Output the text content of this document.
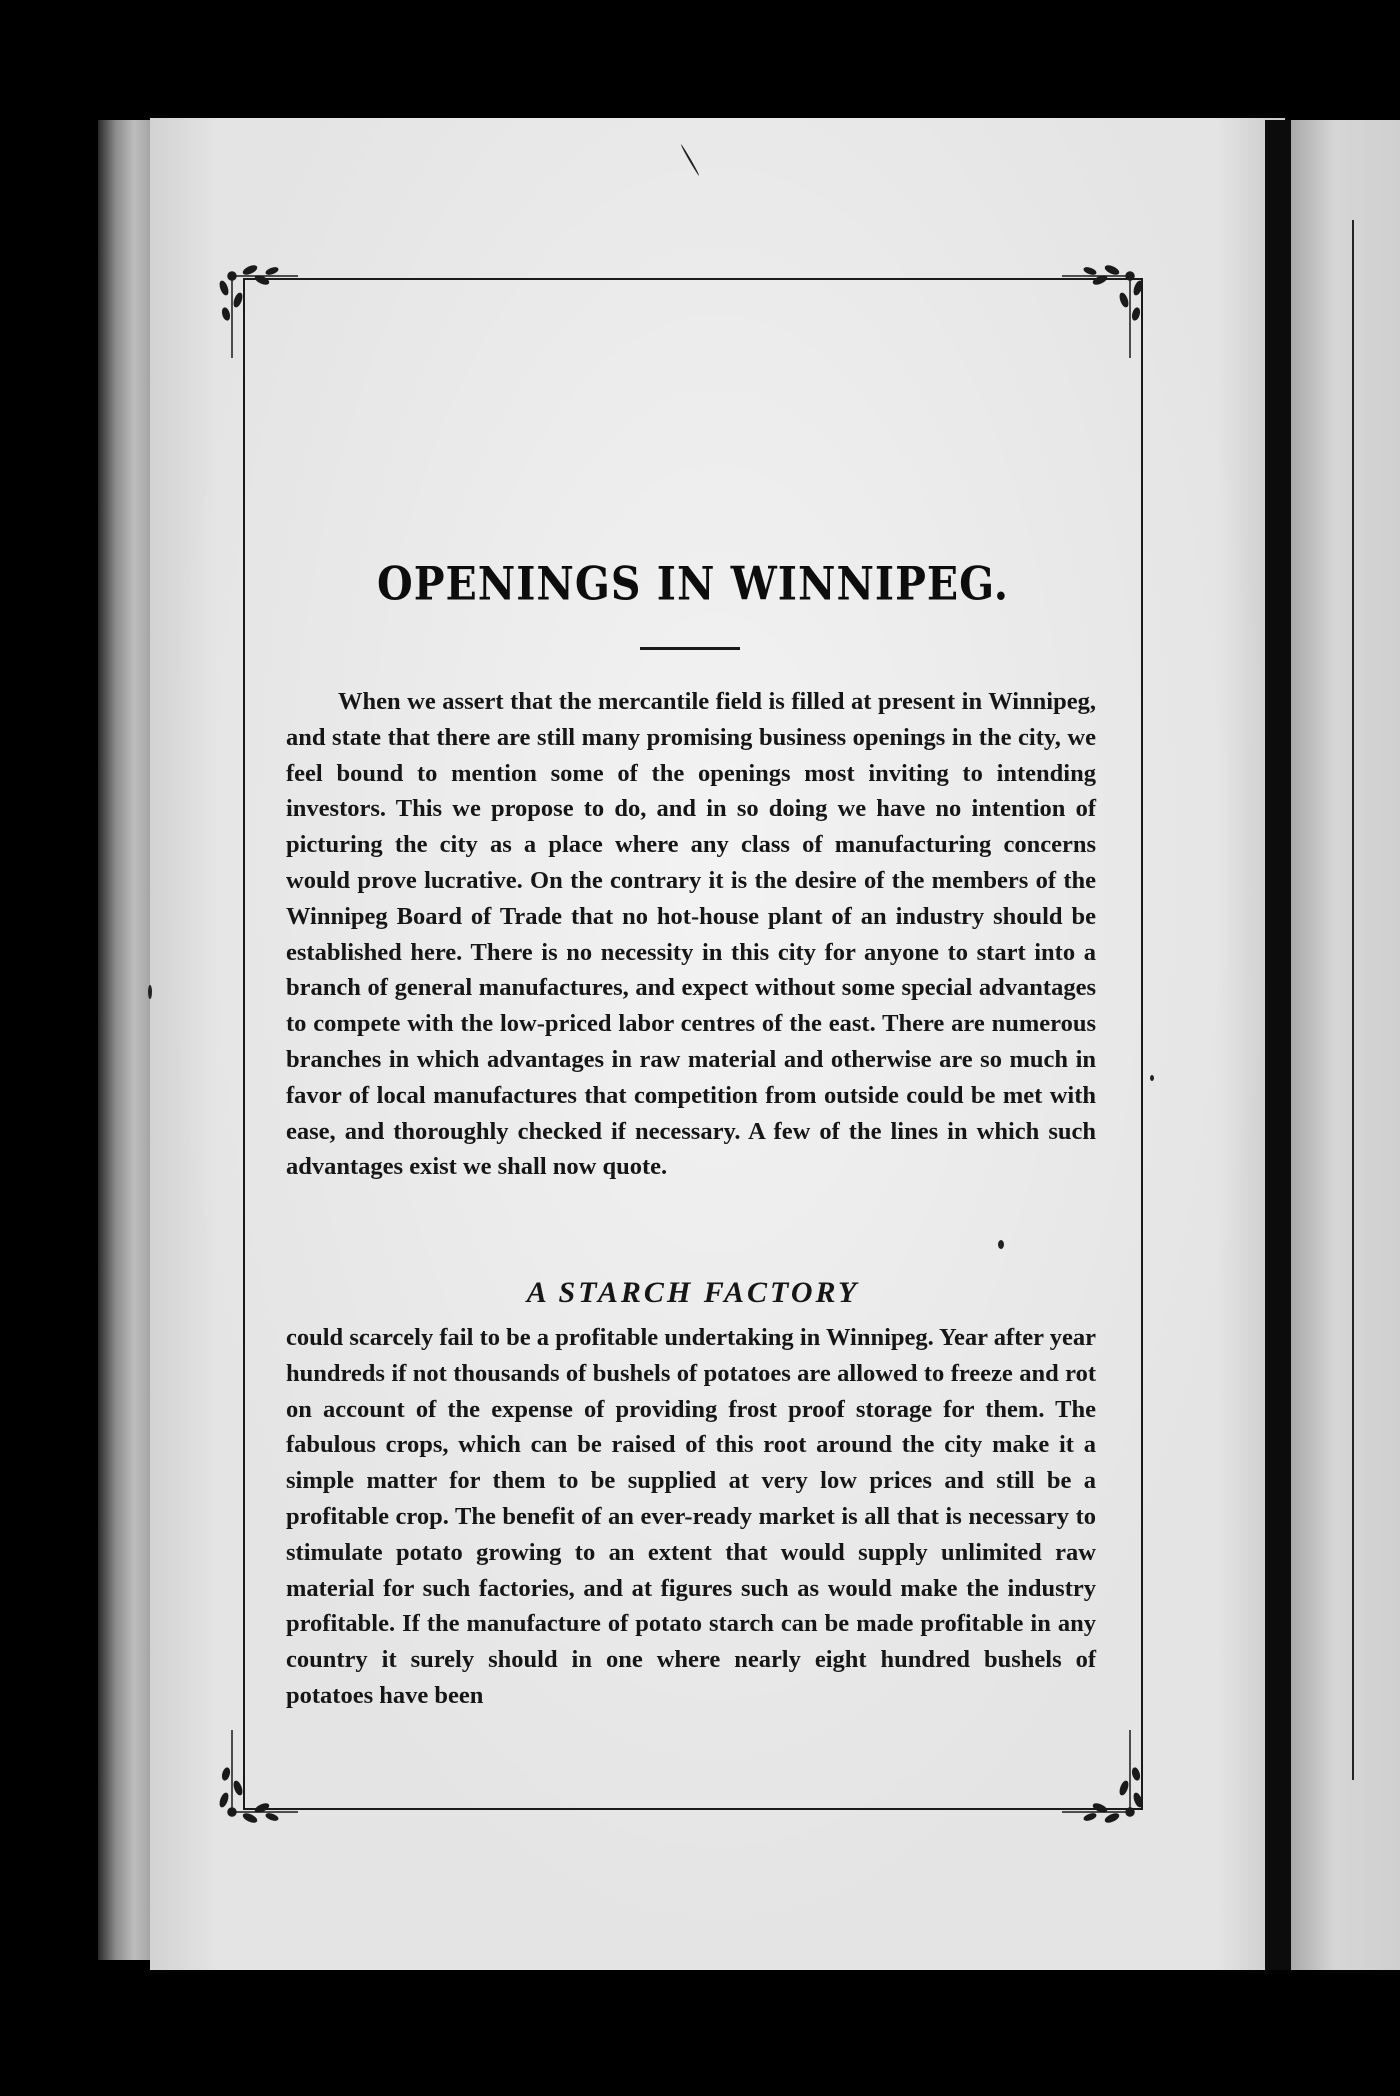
OPENINGS IN WINNIPEG.

When we assert that the mercantile field is filled at present in Winnipeg, and state that there are still many promising business openings in the city, we feel bound to mention some of the openings most inviting to intending investors. This we propose to do, and in so doing we have no intention of picturing the city as a place where any class of manufacturing concerns would prove lucrative. On the contrary it is the desire of the members of the Winnipeg Board of Trade that no hot-house plant of an industry should be established here. There is no necessity in this city for anyone to start into a branch of general manufactures, and expect without some special advantages to compete with the low-priced labor centres of the east. There are numerous branches in which advantages in raw material and otherwise are so much in favor of local manufactures that competition from outside could be met with ease, and thoroughly checked if necessary. A few of the lines in which such advantages exist we shall now quote.

A STARCH FACTORY

could scarcely fail to be a profitable undertaking in Winnipeg. Year after year hundreds if not thousands of bushels of potatoes are allowed to freeze and rot on account of the expense of providing frost proof storage for them. The fabulous crops, which can be raised of this root around the city make it a simple matter for them to be supplied at very low prices and still be a profitable crop. The benefit of an ever-ready market is all that is necessary to stimulate potato growing to an extent that would supply unlimited raw material for such factories, and at figures such as would make the industry profitable. If the manufacture of potato starch can be made profitable in any country it surely should in one where nearly eight hundred bushels of potatoes have been
